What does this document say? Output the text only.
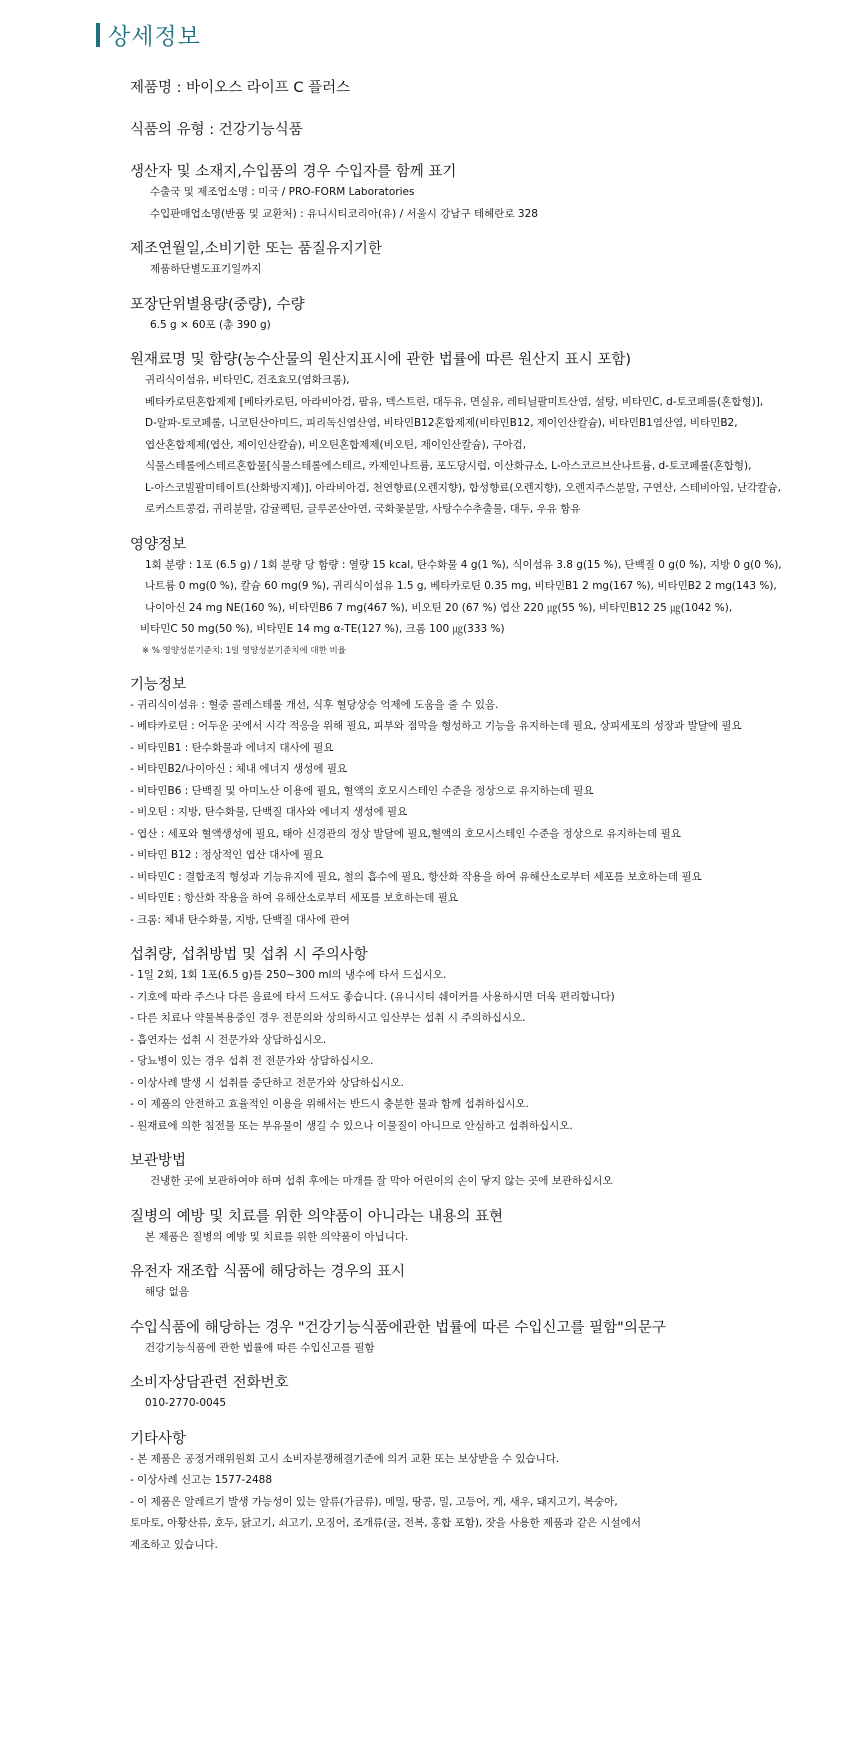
상세정보
제품명 : 바이오스 라이프 C 플러스
식품의 유형 : 건강기능식품
생산자 및 소재지,수입품의 경우 수입자를 함께 표기
수출국 및 제조업소명 : 미국 / PRO-FORM Laboratories
수입판매업소명(반품 및 교환처) : 유니시티코리아(유) / 서울시 강남구 테헤란로 328
제조연월일,소비기한 또는 품질유지기한
제품하단별도표기일까지
포장단위별용량(중량), 수량
6.5 g × 60포 (총 390 g)
원재료명 및 함량(농수산물의 원산지표시에 관한 법률에 따른 원산지 표시 포함)
귀리식이섬유, 비타민C, 건조효모(염화크롬),
베타카로틴혼합제제 [베타카로틴, 아라비아검, 팜유, 덱스트린, 대두유, 면실유, 레티닐팔미트산염, 설탕, 비타민C, d-토코페롤(혼합형)],
D-알파-토코페롤, 니코틴산아미드, 피리독신염산염, 비타민B12혼합제제(비타민B12, 제이인산칼슘), 비타민B1염산염, 비타민B2,
엽산혼합제제(엽산, 제이인산칼슘), 비오틴혼합제제(비오틴, 제이인산칼슘), 구아검,
식물스테롤에스테르혼합물[식물스테롤에스테르, 카제인나트륨, 포도당시럽, 이산화규소, L-아스코르브산나트륨, d-토코페롤(혼합형),
L-아스코빌팔미테이트(산화방지제)], 아라비아검, 천연향료(오렌지향), 합성향료(오렌지향), 오렌지주스분말, 구연산, 스테비아잎, 난각칼슘,
로커스트콩검, 귀리분말, 감귤펙틴, 글루콘산아연, 국화꽃분말, 사탕수수추출물, 대두, 우유 함유
영양정보
1회 분량 : 1포 (6.5 g) / 1회 분량 당 함량 : 열량 15 kcal, 탄수화물 4 g(1 %), 식이섬유 3.8 g(15 %), 단백질 0 g(0 %), 지방 0 g(0 %),
나트륨 0 mg(0 %), 칼슘 60 mg(9 %), 귀리식이섬유 1.5 g, 베타카로틴 0.35 mg, 비타민B1 2 mg(167 %), 비타민B2 2 mg(143 %),
나이아신 24 mg NE(160 %), 비타민B6 7 mg(467 %), 비오틴 20 (67 %) 엽산 220 ㎍(55 %), 비타민B12 25 ㎍(1042 %),
비타민C 50 mg(50 %), 비타민E 14 mg α-TE(127 %), 크롬 100 ㎍(333 %)
※ % 영양성분기준치: 1일 영양성분기준치에 대한 비율
기능정보
- 귀리식이섬유 : 혈중 콜레스테롤 개선, 식후 혈당상승 억제에 도움을 줄 수 있음.
- 베타카로틴 : 어두운 곳에서 시각 적응을 위해 필요, 피부와 점막을 형성하고 기능을 유지하는데 필요, 상피세포의 성장과 발달에 필요
- 비타민B1 : 탄수화물과 에너지 대사에 필요
- 비타민B2/나이아신 : 체내 에너지 생성에 필요
- 비타민B6 : 단백질 및 아미노산 이용에 필요, 혈액의 호모시스테인 수준을 정상으로 유지하는데 필요
- 비오틴 : 지방, 탄수화물, 단백질 대사와 에너지 생성에 필요
- 엽산 : 세포와 혈액생성에 필요, 태아 신경관의 정상 발달에 필요,혈액의 호모시스테인 수준을 정상으로 유지하는데 필요
- 비타민 B12 : 정상적인 엽산 대사에 필요
- 비타민C : 결합조직 형성과 기능유지에 필요, 철의 흡수에 필요, 항산화 작용을 하여 유해산소로부터 세포를 보호하는데 필요
- 비타민E : 항산화 작용을 하여 유해산소로부터 세포를 보호하는데 필요
- 크롬: 체내 탄수화물, 지방, 단백질 대사에 관여
섭취량, 섭취방법 및 섭취 시 주의사항
- 1일 2회, 1회 1포(6.5 g)를 250~300 ml의 냉수에 타서 드십시오.
- 기호에 따라 주스나 다른 음료에 타서 드셔도 좋습니다. (유니시티 쉐이커를 사용하시면 더욱 편리합니다)
- 다른 치료나 약물복용중인 경우 전문의와 상의하시고 임산부는 섭취 시 주의하십시오.
- 흡연자는 섭취 시 전문가와 상담하십시오.
- 당뇨병이 있는 경우 섭취 전 전문가와 상담하십시오.
- 이상사례 발생 시 섭취를 중단하고 전문가와 상담하십시오.
- 이 제품의 안전하고 효율적인 이용을 위해서는 반드시 충분한 물과 함께 섭취하십시오.
- 원재료에 의한 침전물 또는 부유물이 생길 수 있으나 이물질이 아니므로 안심하고 섭취하십시오.
보관방법
건냉한 곳에 보관하여야 하며 섭취 후에는 마개를 잘 막아 어린이의 손이 닿지 않는 곳에 보관하십시오
질병의 예방 및 치료를 위한 의약품이 아니라는 내용의 표현
본 제품은 질병의 예방 및 치료를 위한 의약품이 아닙니다.
유전자 재조합 식품에 해당하는 경우의 표시
해당 없음
수입식품에 해당하는 경우 "건강기능식품에관한 법률에 따른 수입신고를 필함"의문구
건강기능식품에 관한 법률에 따른 수입신고를 필함
소비자상담관련 전화번호
010-2770-0045
기타사항
- 본 제품은 공정거래위원회 고시 소비자분쟁해결기준에 의거 교환 또는 보상받을 수 있습니다.
- 이상사례 신고는 1577-2488
- 이 제품은 알레르기 발생 가능성이 있는 알류(가금류), 메밀, 땅콩, 밀, 고등어, 게, 새우, 돼지고기, 복숭아,
토마토, 아황산류, 호두, 닭고기, 쇠고기, 오징어, 조개류(굴, 전복, 홍합 포함), 잣을 사용한 제품과 같은 시설에서
제조하고 있습니다.
